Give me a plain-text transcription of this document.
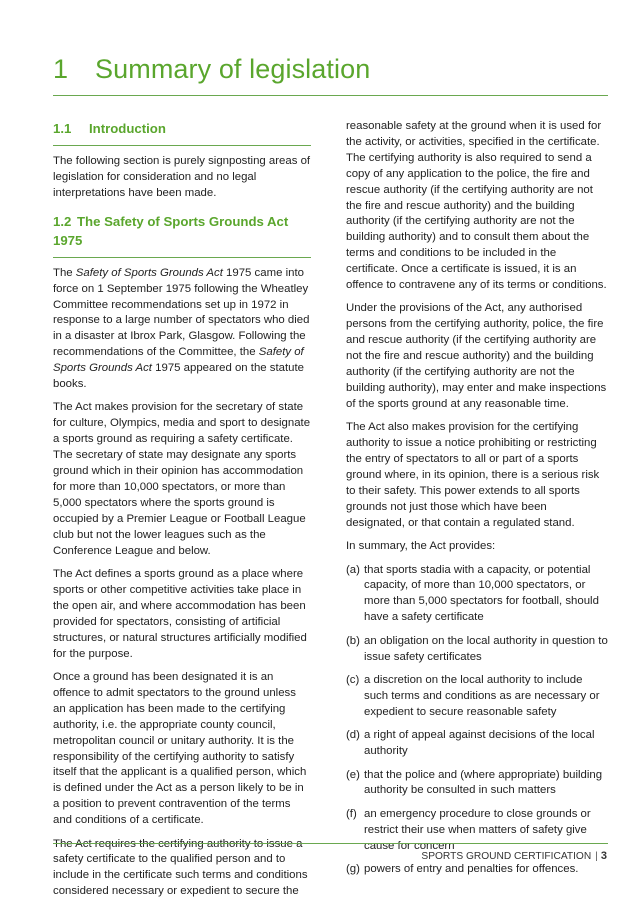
1 Summary of legislation
1.1 Introduction

The following section is purely signposting areas of legislation for consideration and no legal interpretations have been made.

1.2 The Safety of Sports Grounds Act 1975

The Safety of Sports Grounds Act 1975 came into force on 1 September 1975 following the Wheatley Committee recommendations set up in 1972 in response to a large number of spectators who died in a disaster at Ibrox Park, Glasgow. Following the recommendations of the Committee, the Safety of Sports Grounds Act 1975 appeared on the statute books.

The Act makes provision for the secretary of state for culture, Olympics, media and sport to designate a sports ground as requiring a safety certificate. The secretary of state may designate any sports ground which in their opinion has accommodation for more than 10,000 spectators, or more than 5,000 spectators where the sports ground is occupied by a Premier League or Football League club but not the lower leagues such as the Conference League and below.

The Act defines a sports ground as a place where sports or other competitive activities take place in the open air, and where accommodation has been provided for spectators, consisting of artificial structures, or natural structures artificially modified for the purpose.

Once a ground has been designated it is an offence to admit spectators to the ground unless an application has been made to the certifying authority, i.e. the appropriate county council, metropolitan council or unitary authority. It is the responsibility of the certifying authority to satisfy itself that the applicant is a qualified person, which is defined under the Act as a person likely to be in a position to prevent contravention of the terms and conditions of a certificate.

The Act requires the certifying authority to issue a safety certificate to the qualified person and to include in the certificate such terms and conditions considered necessary or expedient to secure the

reasonable safety at the ground when it is used for the activity, or activities, specified in the certificate. The certifying authority is also required to send a copy of any application to the police, the fire and rescue authority (if the certifying authority are not the fire and rescue authority) and the building authority (if the certifying authority are not the building authority) and to consult them about the terms and conditions to be included in the certificate. Once a certificate is issued, it is an offence to contravene any of its terms or conditions.

Under the provisions of the Act, any authorised persons from the certifying authority, police, the fire and rescue authority (if the certifying authority are not the fire and rescue authority) and the building authority (if the certifying authority are not the building authority), may enter and make inspections of the sports ground at any reasonable time.

The Act also makes provision for the certifying authority to issue a notice prohibiting or restricting the entry of spectators to all or part of a sports ground where, in its opinion, there is a serious risk to their safety. This power extends to all sports grounds not just those which have been designated, or that contain a regulated stand.

In summary, the Act provides:

(a) that sports stadia with a capacity, or potential capacity, of more than 10,000 spectators, or more than 5,000 spectators for football, should have a safety certificate
(b) an obligation on the local authority in question to issue safety certificates
(c) a discretion on the local authority to include such terms and conditions as are necessary or expedient to secure reasonable safety
(d) a right of appeal against decisions of the local authority
(e) that the police and (where appropriate) building authority be consulted in such matters
(f) an emergency procedure to close grounds or restrict their use when matters of safety give cause for concern
(g) powers of entry and penalties for offences.
SPORTS GROUND CERTIFICATION | 3
